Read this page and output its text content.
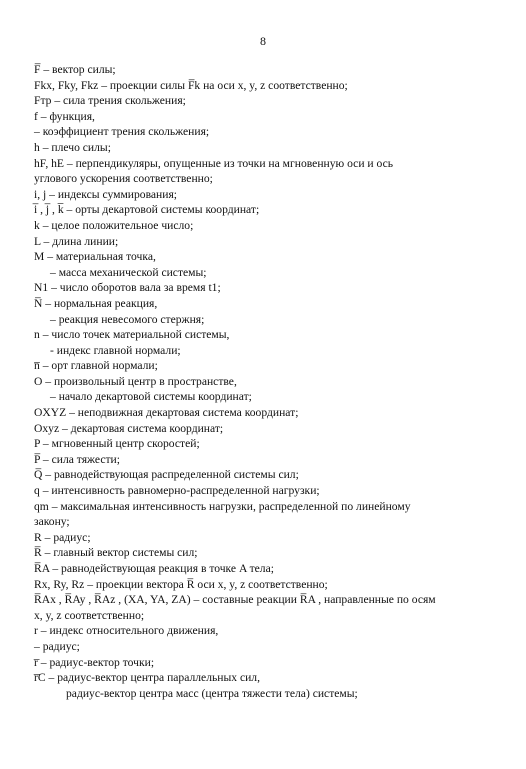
8
F̅ – вектор силы;
Fkx, Fky, Fkz – проекции силы F̅k на оси x, y, z соответственно;
Fтр – сила трения скольжения;
f – функция,
– коэффициент трения скольжения;
h – плечо силы;
hF, hE – перпендикуляры, опущенные из точки на мгновенную оси и ось
углового ускорения соответственно;
i, j – индексы суммирования;
i̅ , j̅ , k̅ – орты декартовой системы координат;
k – целое положительное число;
L – длина линии;
M – материальная точка,
– масса механической системы;
N1 – число оборотов вала за время t1;
N̅ – нормальная реакция,
– реакция невесомого стержня;
n – число точек материальной системы,
- индекс главной нормали;
n̅ – орт главной нормали;
O – произвольный центр в пространстве,
– начало декартовой системы координат;
OXYZ – неподвижная декартовая система координат;
Oxyz – декартовая система координат;
P – мгновенный центр скоростей;
P̅ – сила тяжести;
Q̅ – равнодействующая распределенной системы сил;
q – интенсивность равномерно-распределенной нагрузки;
qm – максимальная интенсивность нагрузки, распределенной по линейному
закону;
R – радиус;
R̅ – главный вектор системы сил;
R̅A – равнодействующая реакция в точке A тела;
Rx, Ry, Rz – проекции вектора R̅ оси x, y, z соответственно;
R̅Ax , R̅Ay , R̅Az , (XA, YA, ZA) – составные реакции R̅A , направленные по осям
x, y, z соответственно;
r – индекс относительного движения,
– радиус;
r̅ – радиус-вектор точки;
r̅C – радиус-вектор центра параллельных сил,
радиус-вектор центра масс (центра тяжести тела) системы;
